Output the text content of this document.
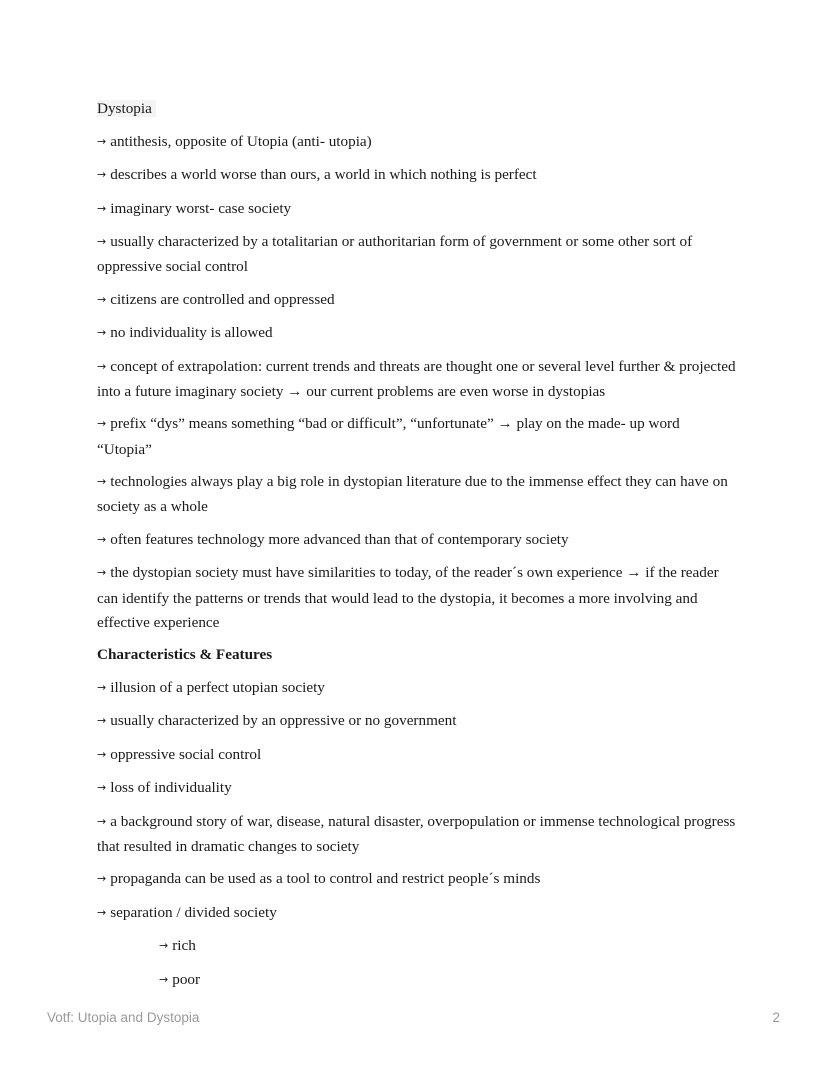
Dystopia

→ antithesis, opposite of Utopia (anti- utopia)

→ describes a world worse than ours, a world in which nothing is perfect

→ imaginary worst- case society

→ usually characterized by a totalitarian or authoritarian form of government or some other sort of oppressive social control

→ citizens are controlled and oppressed

→ no individuality is allowed

→ concept of extrapolation: current trends and threats are thought one or several level further & projected into a future imaginary society → our current problems are even worse in dystopias

→ prefix “dys” means something “bad or difficult”, “unfortunate” → play on the made- up word “Utopia”

→ technologies always play a big role in dystopian literature due to the immense effect they can have on society as a whole

→ often features technology more advanced than that of contemporary society

→ the dystopian society must have similarities to today, of the reader´s own experience → if the reader can identify the patterns or trends that would lead to the dystopia, it becomes a more involving and effective experience

Characteristics & Features

→ illusion of a perfect utopian society

→ usually characterized by an oppressive or no government

→ oppressive social control

→ loss of individuality

→ a background story of war, disease, natural disaster, overpopulation or immense technological progress that resulted in dramatic changes to society

→ propaganda can be used as a tool to control and restrict people´s minds

→ separation / divided society

→ rich

→ poor

Votf: Utopia and Dystopia	2
